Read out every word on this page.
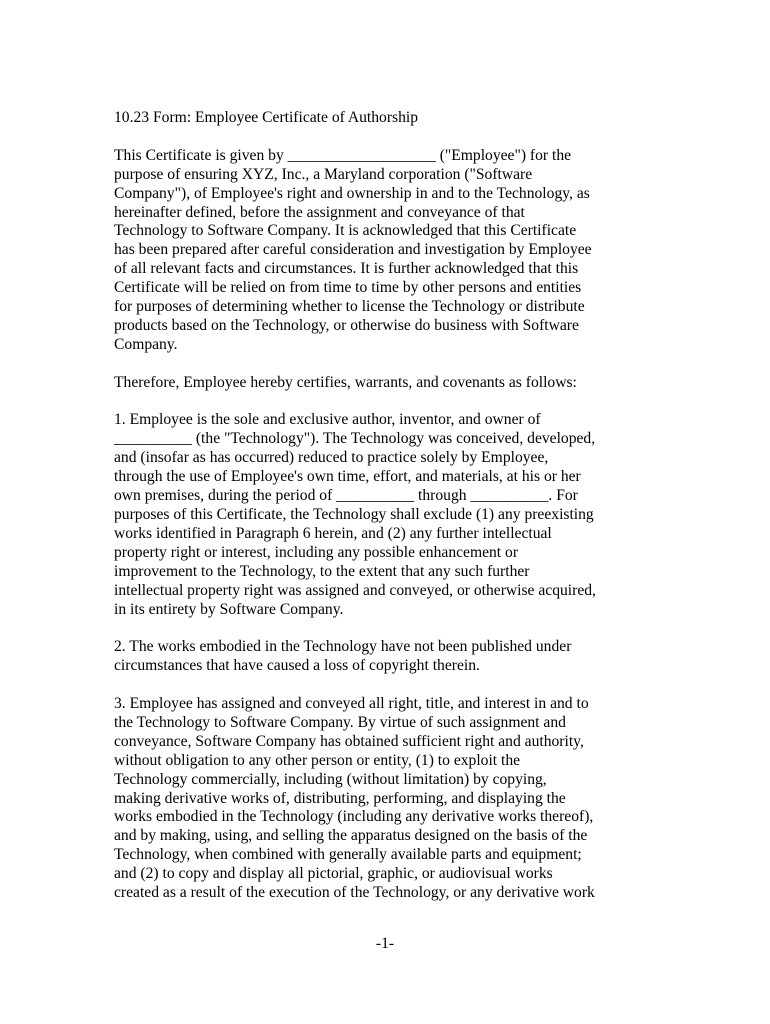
10.23 Form: Employee Certificate of Authorship
This Certificate is given by ___________________ ("Employee") for the
purpose of ensuring XYZ, Inc., a Maryland corporation ("Software
Company"), of Employee's right and ownership in and to the Technology, as
hereinafter defined, before the assignment and conveyance of that
Technology to Software Company. It is acknowledged that this Certificate
has been prepared after careful consideration and investigation by Employee
of all relevant facts and circumstances. It is further acknowledged that this
Certificate will be relied on from time to time by other persons and entities
for purposes of determining whether to license the Technology or distribute
products based on the Technology, or otherwise do business with Software
Company.
Therefore, Employee hereby certifies, warrants, and covenants as follows:
1. Employee is the sole and exclusive author, inventor, and owner of
__________ (the "Technology"). The Technology was conceived, developed,
and (insofar as has occurred) reduced to practice solely by Employee,
through the use of Employee's own time, effort, and materials, at his or her
own premises, during the period of __________ through __________. For
purposes of this Certificate, the Technology shall exclude (1) any preexisting
works identified in Paragraph 6 herein, and (2) any further intellectual
property right or interest, including any possible enhancement or
improvement to the Technology, to the extent that any such further
intellectual property right was assigned and conveyed, or otherwise acquired,
in its entirety by Software Company.
2. The works embodied in the Technology have not been published under
circumstances that have caused a loss of copyright therein.
3. Employee has assigned and conveyed all right, title, and interest in and to
the Technology to Software Company. By virtue of such assignment and
conveyance, Software Company has obtained sufficient right and authority,
without obligation to any other person or entity, (1) to exploit the
Technology commercially, including (without limitation) by copying,
making derivative works of, distributing, performing, and displaying the
works embodied in the Technology (including any derivative works thereof),
and by making, using, and selling the apparatus designed on the basis of the
Technology, when combined with generally available parts and equipment;
and (2) to copy and display all pictorial, graphic, or audiovisual works
created as a result of the execution of the Technology, or any derivative work
-1-
